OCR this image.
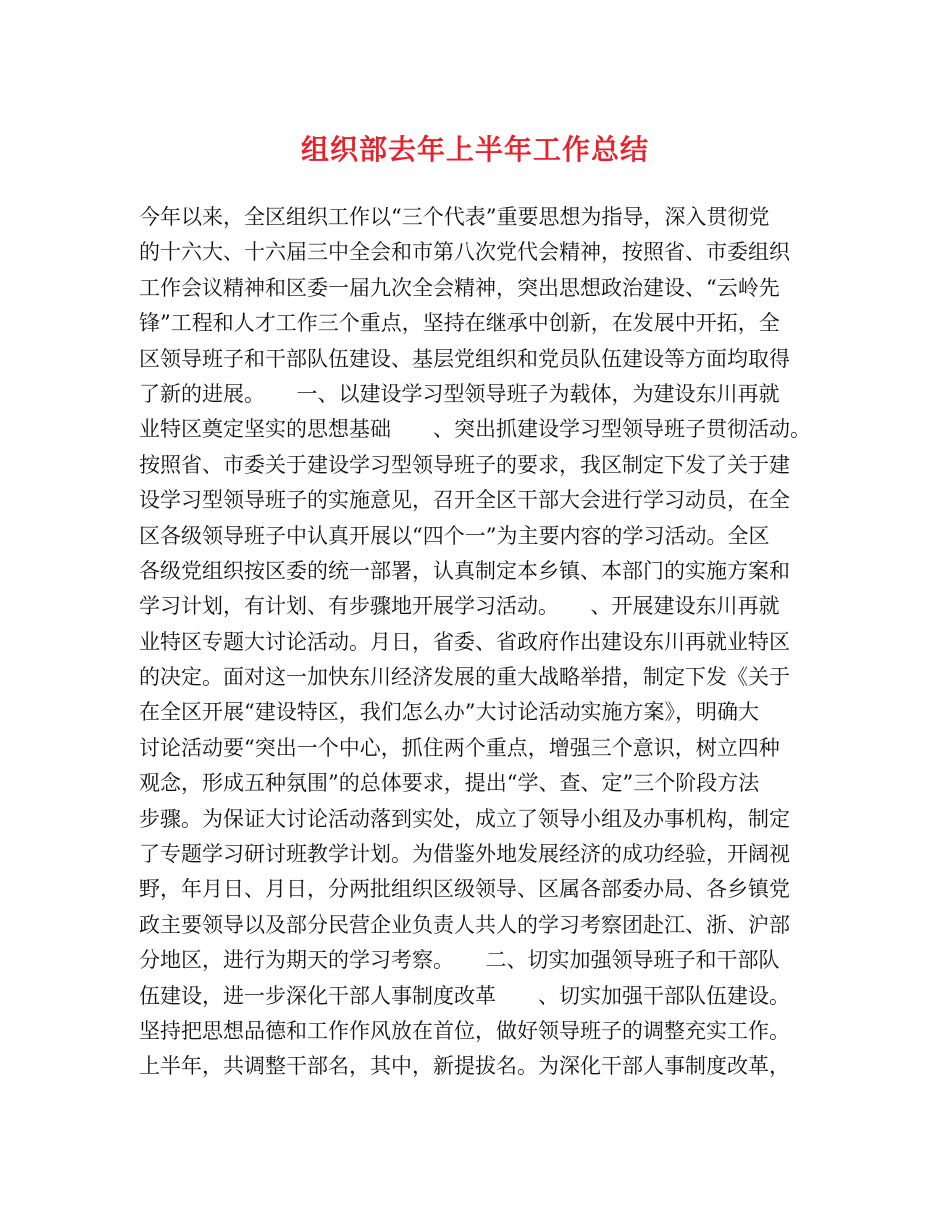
组织部去年上半年工作总结
今年以来，全区组织工作以“三个代表”重要思想为指导，深入贯彻党
的十六大、十六届三中全会和市第八次党代会精神，按照省、市委组织
工作会议精神和区委一届九次全会精神，突出思想政治建设、“云岭先
锋”工程和人才工作三个重点，坚持在继承中创新，在发展中开拓，全
区领导班子和干部队伍建设、基层党组织和党员队伍建设等方面均取得
了新的进展。　　一、以建设学习型领导班子为载体，为建设东川再就
业特区奠定坚实的思想基础　　、突出抓建设学习型领导班子贯彻活动。
按照省、市委关于建设学习型领导班子的要求，我区制定下发了关于建
设学习型领导班子的实施意见，召开全区干部大会进行学习动员，在全
区各级领导班子中认真开展以“四个一”为主要内容的学习活动。全区
各级党组织按区委的统一部署，认真制定本乡镇、本部门的实施方案和
学习计划，有计划、有步骤地开展学习活动。　　、开展建设东川再就
业特区专题大讨论活动。月日，省委、省政府作出建设东川再就业特区
的决定。面对这一加快东川经济发展的重大战略举措，制定下发《关于
在全区开展“建设特区，我们怎么办”大讨论活动实施方案》，明确大
讨论活动要“突出一个中心，抓住两个重点，增强三个意识，树立四种
观念，形成五种氛围”的总体要求，提出“学、查、定”三个阶段方法
步骤。为保证大讨论活动落到实处，成立了领导小组及办事机构，制定
了专题学习研讨班教学计划。为借鉴外地发展经济的成功经验，开阔视
野，年月日、月日，分两批组织区级领导、区属各部委办局、各乡镇党
政主要领导以及部分民营企业负责人共人的学习考察团赴江、浙、沪部
分地区，进行为期天的学习考察。　　二、切实加强领导班子和干部队
伍建设，进一步深化干部人事制度改革　　、切实加强干部队伍建设。
坚持把思想品德和工作作风放在首位，做好领导班子的调整充实工作。
上半年，共调整干部名，其中，新提拔名。为深化干部人事制度改革，
